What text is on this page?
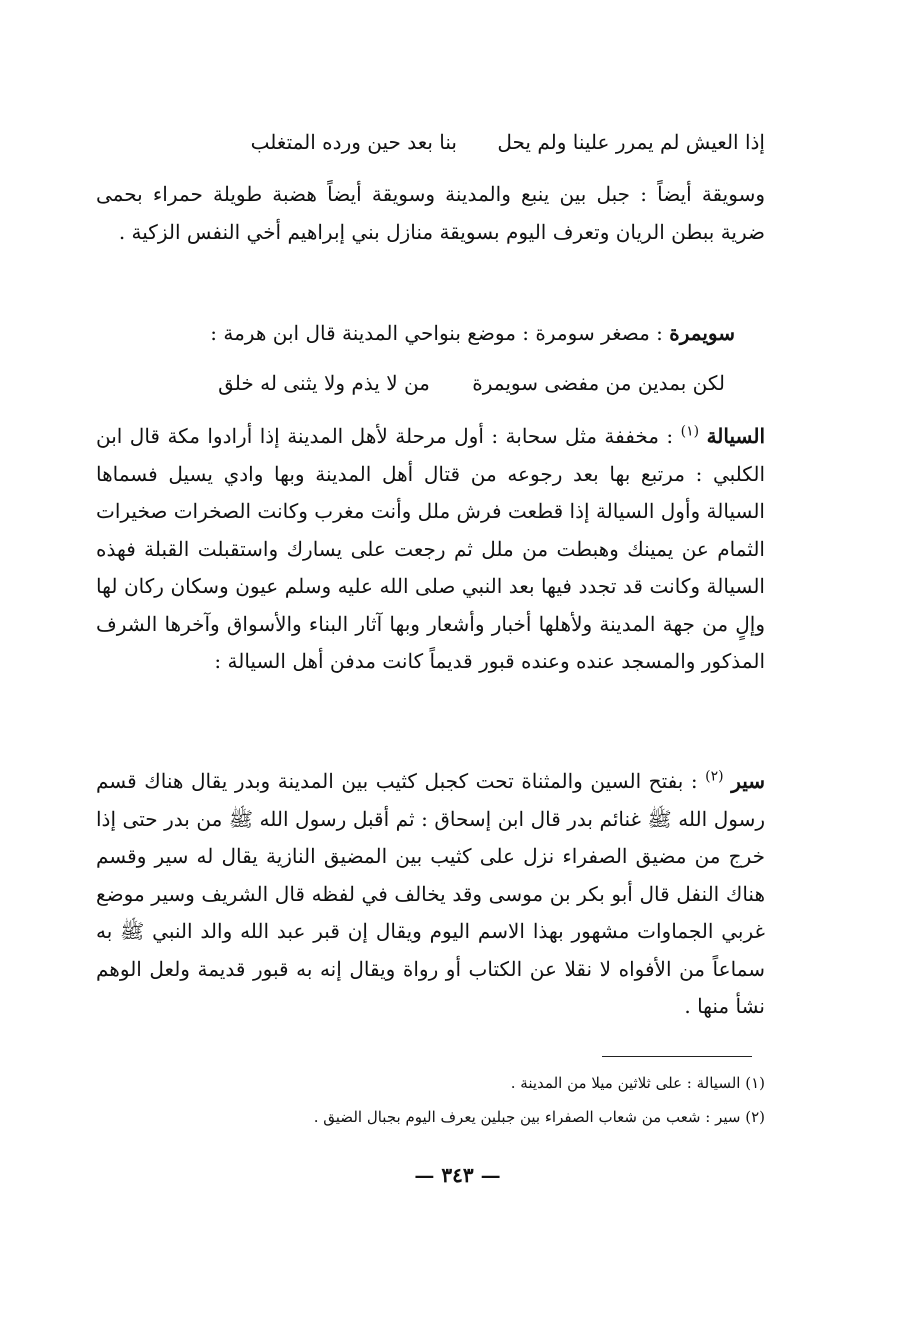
إذا العيش لم يمرر علينا ولم يحل بنا بعد حين ورده المتغلب
وسويقة أيضاً : جبل بين ينبع والمدينة وسويقة أيضاً هضبة طويلة حمراء بحمى ضرية ببطن الريان وتعرف اليوم بسويقة منازل بني إبراهيم أخي النفس الزكية .
سويمرة : مصغر سومرة : موضع بنواحي المدينة قال ابن هرمة :
لكن بمدين من مفضى سويمرة من لا يذم ولا يثنى له خلق
السيالة $^{(١)}$ : مخففة مثل سحابة : أول مرحلة لأهل المدينة إذا أرادوا مكة قال ابن الكلبي : مرتبع بها بعد رجوعه من قتال أهل المدينة وبها وادي يسيل فسماها السيالة وأول السيالة إذا قطعت فرش ملل وأنت مغرب وكانت الصخرات صخيرات الثمام عن يمينك وهبطت من ملل ثم رجعت على يسارك واستقبلت القبلة فهذه السيالة وكانت قد تجدد فيها بعد النبي صلى الله عليه وسلم عيون وسكان ركان لها وإلٍ من جهة المدينة ولأهلها أخبار وأشعار وبها آثار البناء والأسواق وآخرها الشرف المذكور والمسجد عنده وعنده قبور قديماً كانت مدفن أهل السيالة :
سير $^{(٢)}$ : بفتح السين والمثناة تحت كجبل كثيب بين المدينة وبدر يقال هناك قسم رسول الله ﷺ غنائم بدر قال ابن إسحاق : ثم أقبل رسول الله ﷺ من بدر حتى إذا خرج من مضيق الصفراء نزل على كثيب بين المضيق النازية يقال له سير وقسم هناك النفل قال أبو بكر بن موسى وقد يخالف في لفظه قال الشريف وسير موضع غربي الجماوات مشهور بهذا الاسم اليوم ويقال إن قبر عبد الله والد النبي ﷺ به سماعاً من الأفواه لا نقلا عن الكتاب أو رواة ويقال إنه به قبور قديمة ولعل الوهم نشأ منها .
(١) السيالة : على ثلاثين ميلا من المدينة .
(٢) سير : شعب من شعاب الصفراء بين جبلين يعرف اليوم بجبال الضيق .
— ٣٤٣ —
